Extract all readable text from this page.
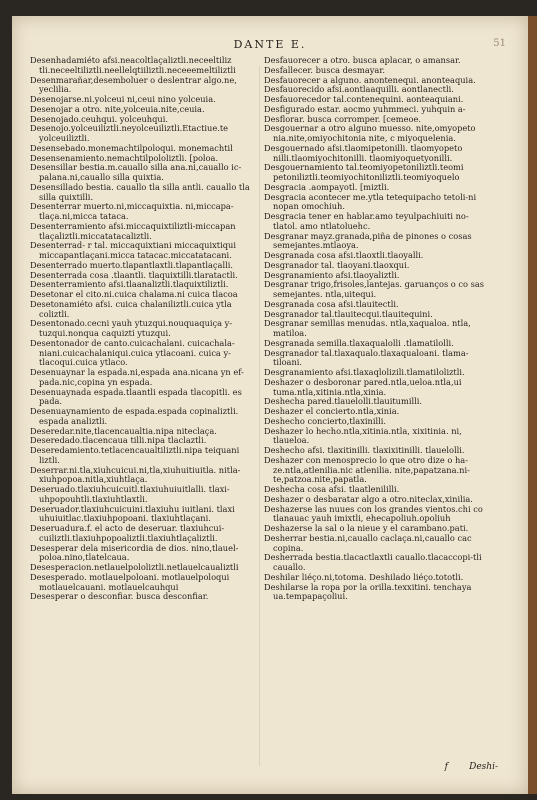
DANTE E.	51
Desenhadamiéto afsi.neacoltlaçaliztli.neceeltiliz tli.neceeltiliztli.neellelqtiiliztli.neceeemeltiliztli
Desenmarañar,desemboluer o deslentrar algo.ne, yeclilia.
Desenojarse.ni.yolceui ni,ceui nino yolceuia.
Desenojar a otro. nite,yolceuia.nite,ceuia.
Desenojado.ceuhqui. yolceuhqui.
Desenojo.yolceuiliztli.neyolceuiliztli.Etactiue.te yolceuiliztli.
Desensebado.monemachtilpoloqui. monemachtil
Desensenamiento.nemachtilpololiztli. [poloa.
Desensillar bestia.m.cauallo silla ana.ni,cauallo ic-palana.ni,cauallo silla quixtia.
Desensillado bestia. cauallo tla silla antli. cauallo tla silla quixtilli.
Desenterrar muerto.ni,miccaquixtia. ni,miccapa-tlaça.ni,micca tataca.
Desenterramiento afsi.miccaquixtiliztli-miccapan tlaçaliztli.miccatatacaliztli.
Desenterrad- r tal. miccaquixtiani miccaquixtiqui miccapantlaçani.micca tatacac.miccatatacani.
Desenterrado muerto.tlapantlaxtli.tlapantlaçalli.
Desenterrada cosa .tlaantli. tlaquixtilli.tlaratactli.
Desenterramiento afsi.tlaanaliztli.tlaquixtiliztli.
Desetonar el cito.ni.cuica chalama.ni cuica tlacoa
Desetonamiéto afsi. cuica chalaniliztli.cuica ytla coliztli.
Desentonado.cecni yauh ytuzqui.nouquaquiça y-tuzqui.nonqua caquizti ytuzqui.
Desentonador de canto.cuicachalani. cuicachala-niani.cuicachalaniqui.cuica ytlacoani. cuica y-tlacoqui.cuica ytlaco.
Desenuaynar la espada.ni,espada ana.nicana yn ef-pada.nic,copina yn espada.
Desenuaynada espada.tlaantli espada tlacopitli. es pada.
Desenuaynamiento de espada.espada copinaliztli. espada analiztli.
Deseredar.nite,tlacencaualtia.nipa niteclaça.
Deseredado.tlacencaua tilli.nipa tlaclaztli.
Deseredamiento.tetlacencaualtiliztli.nipa teiquani liztli.
Deserrar.ni.tla,xiuhcuicui.ni,tla,xiuhuitiuitla. nitla-xiuhpopoa.nitla,xiuhtlaça.
Deseruado.tlaxiuhcuicuitl.tlaxiuhuiuitlalli. tlaxi-uhpopouhtli.tlaxiuhtlaxtli.
Deseruador.tlaxiuhcuicuini.tlaxiuhu iuitlani. tlaxi uhuiuitlac.tlaxiuhpopoani. tlaxiuhtlaçani.
Deseruadura.f. el acto de deseruar. tlaxiuhcui-cuiliztli.tlaxiuhpopoaliztli.tlaxiuhtlaçaliztli.
Desesperar dela misericordia de dios. nino,tlauel-poloa.nino,tlatelcaua.
Desesperacion.netlauelpololiztli.netlauelcaualiztli
Desesperado. motlauelpoloani. motlauelpoloqui motlauelcauani. motlauelcauhqui
Desesperar o desconfiar. busca desconfiar.
Desfauorecer a otro. busca aplacar, o amansar.
Desfallecer. busca desmayar.
Desfauorecer a alguno. anontenequi. anonteaquia.
Desfauorecido afsi.aontlaaquilli. aontlanectli.
Desfauorecedor tal.contenequini. aonteaquiani.
Desfigurado estar. aocmo yuhmmeci. yuhquin a-
Desflorar. busca corromper. [cemeoe.
Desgouernar a otro alguno muesso. nite,omyopeto nia.nite,omiyochitonia nite, c miyoquelenia.
Desgouernado afsi.tlaomipetonilli. tlaomyopeto nilli.tlaomiyochitonilli. tlaomiyoquetyonilli.
Desgouernamiento tal.teomiyopetoniliztli.teomi petoniliztli.teomiyochitoniliztli.teomiyoquelo
Desgracia .aompayotl. [miztli.
Desgracia acontecer me.ytla tetequipacho tetoli-ni nopan omochiuh.
Desgracia tener en hablar.amo teyulpachiuiti no-tlatol. amo ntlatoluehc.
Desgranar mayz.granada,piña de pinones o cosas semejantes.mtlaoya.
Desgranada cosa afsi.tlaoxtli.tlaoyalli.
Desgranador tal. tlaoyani.tlaoxqui.
Desgranamiento afsi.tlaoyaliztli.
Desgranar trigo,frisoles,lantejas. garuanços o co sas semejantes. ntla,uitequi.
Desgranada cosa afsi.tlauitectli.
Desgranador tal.tlauitecqui.tlauitequini.
Desgranar semillas menudas. ntla,xaqualoa. ntla, matiloa.
Desgranada semilla.tlaxaqualolli .tlamatilolli.
Desgranador tal.tlaxaqualo.tlaxaqualoani. tlama-tiloani.
Desgranamiento afsi.tlaxaqlolizili.tlamatiloliztli.
Deshazer o desboronar pared.ntla,ueloa.ntla,ui tuma.ntla,xitinia.ntla,xinia.
Deshecha pared.tlauelolli.tlauitumilli.
Deshazer el concierto.ntla,xinia.
Deshecho concierto,tlaxinilli.
Deshazer lo hecho.ntla,xitinia.ntla, xixitinia. ni, tlaueloa.
Deshecho afsi. tlaxitinilli. tlaxixitinilli. tlauelolli.
Deshazer con menosprecio lo que otro dize o ha-ze.ntla,atlenilia.nic atlenilia. nite,papatzana.ni-te,patzoa.nite,papatla.
Deshecha cosa afsi. tlaatlenililli.
Deshazer o desbaratar algo a otro.niteclax,xinilia.
Deshazerse las nuues con los grandes vientos.chi co tlanauac yauh imixtli, ehecapoliuh.opoliuh
Deshazerse la sal o la nieue y el carambano.pati.
Desherrar bestia.ni,cauallo caclaça.ni,cauallo cac copina.
Desherrada bestia.tlacactlaxtli cauallo.tlacaccopi-tli cauallo.
Deshilar liéço.ni,totoma. Deshilado liéço.tototli.
Deshilarse la ropa por la orilla.texxitini. tenchaya ua.tempapaçoliui.
f Deshi-
